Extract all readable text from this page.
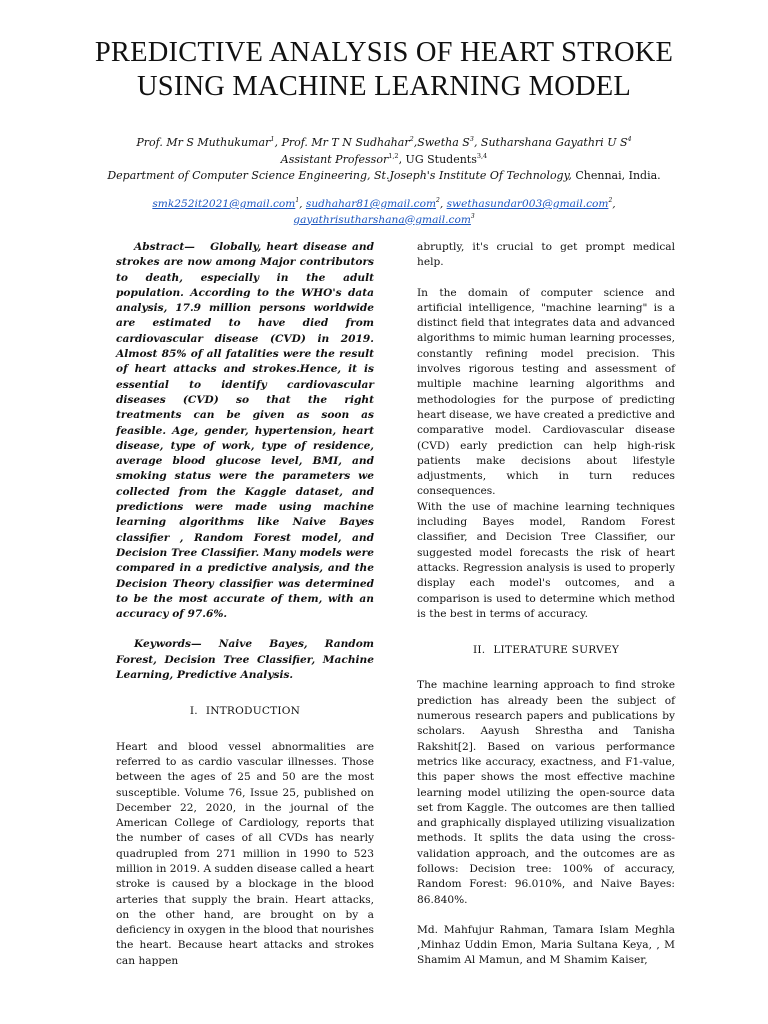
PREDICTIVE ANALYSIS OF HEART STROKE
USING MACHINE LEARNING MODEL
Prof. Mr S Muthukumar$^1$, Prof. Mr T N Sudhahar$^2$,Swetha $S^3$, Sutharshana Gayathri U $S^4$
Assistant Professor$^{1,2}$, UG Students$^{3,4}$
Department of Computer Science Engineering, St.Joseph's Institute Of Technology, Chennai, India.
smk252it2021@gmail.com$^1$, sudhahar81@gmail.com$^2$, swethasundar003@gmail.com$^2$,
gayathrisutharshana@gmail.com$^3$

Abstract— Globally, heart disease and strokes are now among Major contributors to death, especially in the adult population. According to the WHO's data analysis, 17.9 million persons worldwide are estimated to have died from cardiovascular disease (CVD) in 2019. Almost 85% of all fatalities were the result of heart attacks and strokes.Hence, it is essential to identify cardiovascular diseases (CVD) so that the right treatments can be given as soon as feasible. Age, gender, hypertension, heart disease, type of work, type of residence, average blood glucose level, BMI, and smoking status were the parameters we collected from the Kaggle dataset, and predictions were made using machine learning algorithms like Naive Bayes classifier , Random Forest model, and Decision Tree Classifier. Many models were compared in a predictive analysis, and the Decision Theory classifier was determined to be the most accurate of them, with an accuracy of 97.6%.

Keywords— Naive Bayes, Random Forest, Decision Tree Classifier, Machine Learning, Predictive Analysis.

I. INTRODUCTION

Heart and blood vessel abnormalities are referred to as cardio vascular illnesses. Those between the ages of 25 and 50 are the most susceptible. Volume 76, Issue 25, published on December 22, 2020, in the journal of the American College of Cardiology, reports that the number of cases of all CVDs has nearly quadrupled from 271 million in 1990 to 523 million in 2019. A sudden disease called a heart stroke is caused by a blockage in the blood arteries that supply the brain. Heart attacks, on the other hand, are brought on by a deficiency in oxygen in the blood that nourishes the heart. Because heart attacks and strokes can happen

abruptly, it's crucial to get prompt medical help.

In the domain of computer science and artificial intelligence, "machine learning" is a distinct field that integrates data and advanced algorithms to mimic human learning processes, constantly refining model precision. This involves rigorous testing and assessment of multiple machine learning algorithms and methodologies for the purpose of predicting heart disease, we have created a predictive and comparative model. Cardiovascular disease (CVD) early prediction can help high-risk patients make decisions about lifestyle adjustments, which in turn reduces consequences.

With the use of machine learning techniques including Bayes model, Random Forest classifier, and Decision Tree Classifier, our suggested model forecasts the risk of heart attacks. Regression analysis is used to properly display each model's outcomes, and a comparison is used to determine which method is the best in terms of accuracy.

II. LITERATURE SURVEY

The machine learning approach to find stroke prediction has already been the subject of numerous research papers and publications by scholars. Aayush Shrestha and Tanisha Rakshit[2]. Based on various performance metrics like accuracy, exactness, and F1-value, this paper shows the most effective machine learning model utilizing the open-source data set from Kaggle. The outcomes are then tallied and graphically displayed utilizing visualization methods. It splits the data using the cross-validation approach, and the outcomes are as follows: Decision tree: 100% of accuracy, Random Forest: 96.010%, and Naive Bayes: 86.840%.

Md. Mahfujur Rahman, Tamara Islam Meghla ,Minhaz Uddin Emon, Maria Sultana Keya, , M Shamim Al Mamun, and M Shamim Kaiser,
